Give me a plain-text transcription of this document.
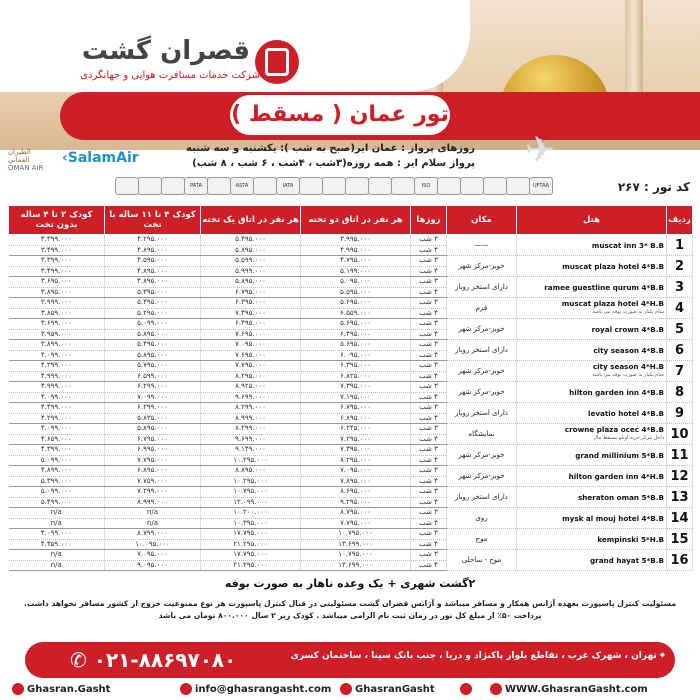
تور عمان ( مسقط )
قصران گشت
شرکت خدمات مسافرت هوایی و جهانگردی
روزهای پرواز : عمان ایر(صبح به شب ): یکشنبه و سه شنبه
پرواز سلام ایر : همه روزه(۳شب ، ۴شب ، ۶ شب ، ۸ شب) ✈
الطيران العماني
OMAN AIR
‹SalamAir
PATA	ASTA	IATA	ISO	UFTAA	کد تور : ۲۶۷
ردیف	هتل	مکان	روزها	هر نفر در اتاق دو تخته	هر نفر در اتاق یک تخته	کودک ۴ تا ۱۱ ساله با تخت	کودک ۲ تا ۴ ساله بدون تخت
1	muscat inn 3* B.B	——	۳ شب	۳.۹۹۵.۰۰۰	۵.۴۹۵.۰۰۰	۴.۲۹۵.۰۰۰	۳.۳۹۹.۰۰۰
			۴ شب	۴.۹۹۵.۰۰۰	۵.۸۹۵.۰۰۰	۴.۸۹۵.۰۰۰	۳.۴۹۹.۰۰۰
2	muscat plaza hotel 4*B.B	خوبر-مرکز شهر	۳ شب	۴.۷۹۵.۰۰۰	۵.۵۹۹.۰۰۰	۴.۵۹۵.۰۰۰	۳.۳۹۹.۰۰۰
			۴ شب	۵.۱۹۹.۰۰۰	۵.۹۹۹.۰۰۰	۴.۸۹۵.۰۰۰	۳.۴۹۹.۰۰۰
3	ramee guestline qurum 4*B.B	دارای استخر روباز	۳ شب	۵.۰۹۵.۰۰۰	۵.۸۹۵.۰۰۰	۴.۸۹۵.۰۰۰	۳.۶۹۵.۰۰۰
			۴ شب	۵.۵۹۵.۰۰۰	۶.۷۹۵.۰۰۰	۵.۳۹۵.۰۰۰	۳.۸۹۵.۰۰۰
4	muscat plaza hotel 4*H.B
شام یکبار به صورت بوفه می باشد	قرم	۳ شب	۵.۶۹۵.۰۰۰	۶.۳۹۵.۰۰۰	۵.۴۹۵.۰۰۰	۳.۹۹۹.۰۰۰
			۴ شب	۶.۵۵۹.۰۰۰	۷.۴۹۵.۰۰۰	۵.۲۹۵.۰۰۰	۳.۸۵۹.۰۰۰
5	royal crown 4*B.B	خوبر-مرکز شهر	۳ شب	۵.۶۹۵.۰۰۰	۶.۴۹۵.۰۰۰	۵.۰۹۹.۰۰۰	۳.۶۹۹.۰۰۰
			۴ شب	۶.۴۹۵.۰۰۰	۷.۶۹۵.۰۰۰	۵.۸۹۵.۰۰۰	۳.۹۵۹.۰۰۰
6	city season 4*B.B	دارای استخر روباز	۳ شب	۵.۶۹۵.۰۰۰	۷.۰۹۵.۰۰۰	۵.۴۹۵.۰۰۰	۳.۸۹۹.۰۰۰
			۴ شب	۶.۰۹۵.۰۰۰	۷.۶۹۵.۰۰۰	۵.۸۹۵.۰۰۰	۴.۰۹۹.۰۰۰
7	city season 4*H.B
شام یکبار به صورت بوفه می باشد	خوبر-مرکز شهر	۳ شب	۶.۳۹۵.۰۰۰	۷.۷۹۵.۰۰۰	۵.۷۹۵.۰۰۰	۴.۳۹۹.۰۰۰
			۴ شب	۶.۸۲۵.۰۰۰	۸.۲۹۵.۰۰۰	۶.۵۹۹.۰۰۰	۴.۹۹۹.۰۰۰
8	hilton garden inn 4*B.B	خوبر-مرکز شهر	۳ شب	۷.۳۹۵.۰۰۰	۸.۹۲۵.۰۰۰	۶.۲۹۹.۰۰۰	۴.۹۹۹.۰۰۰
			۴ شب	۷.۱۹۵.۰۰۰	۹.۶۹۹.۰۰۰	۷.۰۹۹.۰۰۰	۴.۰۹۹.۰۰۰
9	levatio hotel 4*B.B	دارای استخر روباز	۳ شب	۶.۷۹۵.۰۰۰	۸.۲۹۹.۰۰۰	۶.۲۹۹.۰۰۰	۴.۴۹۹.۰۰۰
			۴ شب	۶.۸۹۵.۰۰۰	۸.۹۹۹.۰۰۰	۵.۸۳۵.۰۰۰	۴.۲۹۹.۰۰۰
10	crowne plaza ocec 4*B.B
داخل مرکز خرید اوتلو مسقط مال	نمایشگاه	۳ شب	۶.۲۴۵.۰۰۰	۸.۲۹۹.۰۰۰	۵.۸۹۵.۰۰۰	۴.۰۹۹.۰۰۰
			۴ شب	۷.۲۹۵.۰۰۰	۹.۶۹۹.۰۰۰	۶.۷۹۵.۰۰۰	۴.۶۵۹.۰۰۰
11	grand millinium 5*B.B	خوبر-مرکز شهر	۳ شب	۷.۳۹۵.۰۰۰	۹.۱۴۹.۰۰۰	۶.۹۹۵.۰۰۰	۴.۳۹۹.۰۰۰
			۴ شب	۸.۲۹۵.۰۰۰	۱۰.۲۹۵.۰۰۰	۷.۷۹۵.۰۰۰	۵.۰۹۹.۰۰۰
12	hilton garden inn 4*H.B	خوبر-مرکز شهر	۳ شب	۷.۰۹۵.۰۰۰	۸.۸۹۵.۰۰۰	۶.۸۹۵.۰۰۰	۴.۸۹۹.۰۰۰
			۴ شب	۷.۸۹۵.۰۰۰	۱۰.۲۹۵.۰۰۰	۷.۷۵۹.۰۰۰	۵.۳۹۹.۰۰۰
13	sheraton oman 5*B.B	دارای استخر روباز	۳ شب	۸.۶۹۵.۰۰۰	۱۰.۷۹۵.۰۰۰	۷.۲۹۹.۰۰۰	۵.۰۹۹.۰۰۰
			۴ شب	۹.۲۹۵.۰۰۰	۱۲.۰۹۹.۰۰۰	۸.۹۹۹.۰۰۰	۵.۴۹۹.۰۰۰
14	mysk al mouj hotel 4*B.B	روی	۳ شب	۸.۷۹۵.۰۰۰	۱۰.۲۰۰.۰۰۰	n/a	n/a
			۴ شب	۷.۷۹۵.۰۰۰	۱۰.۳۹۵.۰۰۰	n/a	n/a
15	kempinski 5*H.B	موج	۳ شب	۱۰.۷۹۵.۰۰۰	۱۷.۷۹۵.۰۰۰	۸.۷۹۹.۰۰۰	۴.۰۹۹.۰۰۰
			۴ شب	۱۳.۶۹۹.۰۰۰	۲۱.۲۹۵.۰۰۰	۱۰.۰۹۵.۰۰۰	۴.۴۵۹.۰۰۰
16	grand hayat 5*B.B	موج - ساحلی	۳ شب	۱۰.۷۹۵.۰۰۰	۱۷.۷۹۵.۰۰۰	۷.۰۹۵.۰۰۰	n/a
			۴ شب	۱۳.۶۹۹.۰۰۰	۲۱.۲۹۵.۰۰۰	۹.۰۹۵.۰۰۰	n/a
۲گشت شهری + یک وعده ناهار به صورت بوفه
مسئولیت کنترل پاسپورت بعهده آژانس همکار و مسافر میباشد و آژانس قصران گشت مسئولیتی در قبال کنترل پاسپورت هر نوع ممنوعیت خروج از کشور مسافر نخواهد داشت. پرداخت ۵۰٪ از مبلغ کل تور در زمان ثبت نام الزامی میباشد . کودک زیر ۲ سال ۸۰۰.۰۰۰ تومان می باشد
✆ ۰۲۱-۸۸۶۹۷۰۸۰	⌖ تهران ، شهرک غرب ، تقاطع بلوار پاکنژاد و دریا ، جنب بانک سینا ، ساختمان کسری
Ghasran.Gasht	info@ghasrangasht.com	GhasranGasht	WWW.GhasranGasht.com
